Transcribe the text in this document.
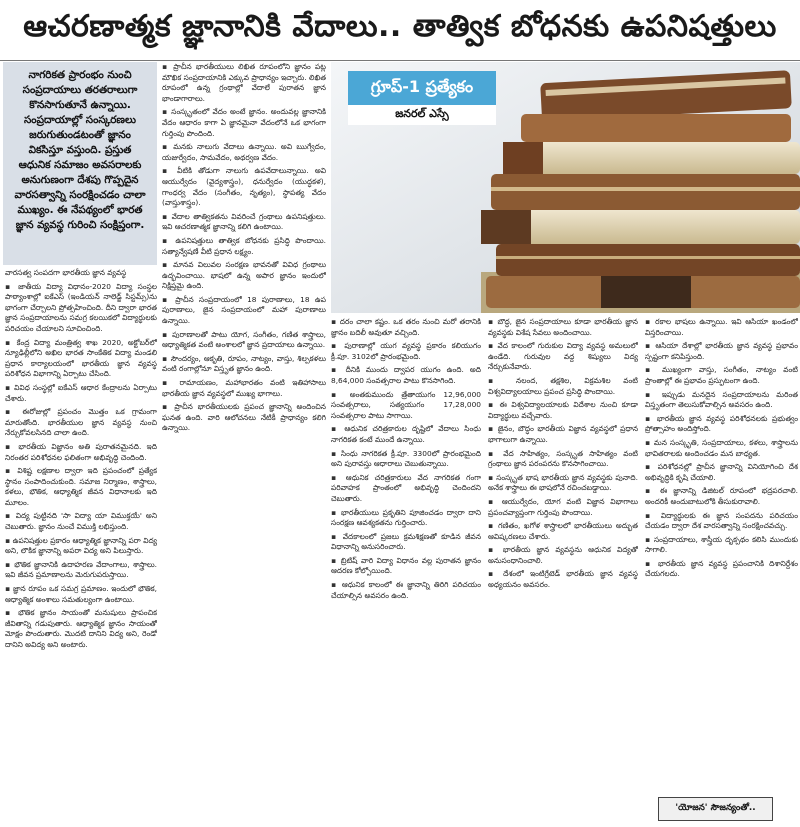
ఆచరణాత్మక జ్ఞానానికి వేదాలు.. తాత్విక బోధనకు ఉపనిషత్తులు
నాగరికత ప్రారంభం నుంచి సంప్రదాయాలు తరతరాలుగా కొనసాగుతూనే ఉన్నాయి. సంప్రదాయాల్లో సంస్కరణలు జరుగుతుండటంతో జ్ఞానం వికసిస్తూ వస్తుంది. ప్రస్తుత ఆధునిక సమాజం అవసరాలకు అనుగుణంగా దేశపు గొప్పదైన వారసత్వాన్ని సంరక్షించడం చాలా ముఖ్యం. ఈ నేపథ్యంలో భారత జ్ఞాన వ్యవస్థ గురించి సంక్షిప్తంగా.

వారసత్వ సంపదగా భారతీయ జ్ఞాన వ్యవస్థ

▪ జాతీయ విద్యా విధానం-2020 విద్యా సంస్థల పాఠ్యాంశాల్లో ఐకేఎస్ (ఇండియన్ నాలెడ్జ్ సిస్టమ్స్)ను భాగంగా చేర్చాలని ప్రోత్సహించింది. దీని ద్వారా భారత జ్ఞాన సంప్రదాయాలను సమగ్ర కలయికలో విద్యార్థులకు పరిచయం చేయాలని సూచించింది.

▪ కేంద్ర విద్యా మంత్రిత్వ శాఖ 2020, అక్టోబర్‌లో న్యూఢిల్లీలోని అఖిల భారత సాంకేతిక విద్యా మండలి ప్రధాన కార్యాలయంలో భారతీయ జ్ఞాన వ్యవస్థ పరిశోధన విభాగాన్ని ఏర్పాటు చేసింది.

▪ వివిధ సంస్థల్లో ఐకేఎస్ ఆధార కేంద్రాలను ఏర్పాటు చేశారు.

▪ ఈరోజుల్లో ప్రపంచం మొత్తం ఒక గ్రామంగా మారుతోంది. భారతీయుల జ్ఞాన వ్యవస్థ నుంచి నేర్చుకోవలసినది చాలా ఉంది.

▪ భారతీయ విజ్ఞానం అతి పురాతనమైనది. ఇది నిరంతర పరిశోధనల ఫలితంగా అభివృద్ధి చెందింది.

▪ విశిష్ట లక్షణాల ద్వారా ఇది ప్రపంచంలో ప్రత్యేక స్థానం సంపాదించుకుంది. సమాజ నిర్మాణం, శాస్త్రాలు, కళలు, భౌతిక, ఆధ్యాత్మిక జీవన విధానాలకు ఇది మూలం.

▪ విద్య పుట్టినది 'సా విద్యా యా విముక్తయే' అని చెబుతారు. జ్ఞానం నుంచే విముక్తి లభిస్తుంది.

▪ ఉపనిషత్తుల ప్రకారం ఆధ్యాత్మిక జ్ఞానాన్ని పరా విద్య అని, లౌకిక జ్ఞానాన్ని అపరా విద్య అని పిలుస్తారు.

▪ భౌతిక జ్ఞానానికి ఉదాహరణ వేదాంగాలు, శాస్త్రాలు. ఇవి జీవన ప్రమాణాలను మెరుగుపరుస్తాయి.

▪ జ్ఞాన రూపం ఒక సమగ్ర ప్రమాణం. ఇందులో భౌతిక, ఆధ్యాత్మిక అంశాలు సమతుల్యంగా ఉంటాయి.

▪ భౌతిక జ్ఞానం సాయంతో మనుషులు ప్రాపంచిక జీవితాన్ని గడుపుతారు. ఆధ్యాత్మిక జ్ఞానం సాయంతో మోక్షం పొందుతారు. మొదటి దానిని విద్య అని, రెండో దానిని అవిద్య అని అంటారు.

▪ ప్రాచీన భారతీయులు లిఖిత రూపంలోని జ్ఞానం పట్ల మౌఖిక సంప్రదాయానికి ఎక్కువ ప్రాధాన్యం ఇచ్చారు. లిఖిత రూపంలో ఉన్న గ్రంథాల్లో వేదాలే పురాతన జ్ఞాన భాండాగారాలు.

▪ సంస్కృతంలో వేదం అంటే జ్ఞానం. అందువల్ల జ్ఞానానికి వేదం ఆధారం కాగా ఏ జ్ఞానమైనా వేదంలోనే ఒక భాగంగా గుర్తింపు పొందింది.

▪ మనకు నాలుగు వేదాలు ఉన్నాయి. అవి ఋగ్వేదం, యజుర్వేదం, సామవేదం, అథర్వణ వేదం.

▪ వీటికి తోడుగా నాలుగు ఉపవేదాలున్నాయి. అవి ఆయుర్వేదం (వైద్యశాస్త్రం), ధనుర్వేదం (యుద్ధకళ), గాంధర్వ వేదం (సంగీతం, నృత్యం), స్థాపత్య వేదం (వాస్తుశాస్త్రం).

▪ వేదాల తాత్వికతను వివరించే గ్రంథాలు ఉపనిషత్తులు. ఇవి ఆచరణాత్మక జ్ఞానాన్ని కలిగి ఉంటాయి.

▪ ఉపనిషత్తులు తాత్విక బోధనకు ప్రసిద్ధి పొందాయి. సత్యాన్వేషణే వీటి ప్రధాన లక్ష్యం.

▪ మానవ విలువల సంరక్షణ భావనతో వివిధ గ్రంథాలు ఉద్భవించాయి. భాషలో ఉన్న అపార జ్ఞానం ఇందులో నిక్షిప్తమై ఉంది.

▪ ప్రాచీన సంప్రదాయంలో 18 పురాణాలు, 18 ఉప పురాణాలు, జైన సంప్రదాయంలో మహా పురాణాలు ఉన్నాయి.

▪ పురాణాలతో పాటు యోగ, సంగీతం, గణిత శాస్త్రాలు, ఆధ్యాత్మికత వంటి అంశాలలో జ్ఞాన ప్రదాయాలు ఉన్నాయి.

▪ సౌందర్యం, ఆకృతి, రూపం, నాట్యం, వాస్తు, శిల్పకళలు వంటి రంగాల్లోనూ విస్తృత జ్ఞానం ఉంది.

▪ రామాయణం, మహాభారతం వంటి ఇతిహాసాలు భారతీయ జ్ఞాన వ్యవస్థలో ముఖ్య భాగాలు.

▪ ప్రాచీన భారతీయులకు ప్రపంచ జ్ఞానాన్ని అందించిన ఘనత ఉంది. వారి ఆలోచనలు నేటికీ ప్రాధాన్యం కలిగి ఉన్నాయి.

▪ దరం చాలా కష్టం. ఒక తరం నుంచి మరో తరానికి జ్ఞానం బదిలీ అవుతూ వచ్చింది.

▪ పురాణాల్లో యుగ వ్యవస్థ ప్రకారం కలియుగం క్రీ.పూ. 3102లో ప్రారంభమైంది.

▪ దీనికి ముందు ద్వాపర యుగం ఉంది. అది 8,64,000 సంవత్సరాల పాటు కొనసాగింది.

▪ అంతకుముందు త్రేతాయుగం 12,96,000 సంవత్సరాలు, సత్యయుగం 17,28,000 సంవత్సరాల పాటు సాగాయి.

▪ ఆధునిక చరిత్రకారుల దృష్టిలో వేదాలు సింధు నాగరికత కంటే ముందే ఉన్నాయి.

▪ సింధు నాగరికత క్రీ.పూ. 3300లో ప్రారంభమైంది అని పురావస్తు ఆధారాలు చెబుతున్నాయి.

▪ ఆధునిక చరిత్రకారులు వేద నాగరికత గంగా పరివాహక ప్రాంతంలో అభివృద్ధి చెందిందని చెబుతారు.

▪ భారతీయులు ప్రకృతిని పూజించడం ద్వారా దాని సంరక్షణ ఆవశ్యకతను గుర్తించారు.

▪ వేదకాలంలో ప్రజలు క్రమశిక్షణతో కూడిన జీవన విధానాన్ని అనుసరించారు.

▪ బ్రిటిష్ వారి విద్యా విధానం వల్ల పురాతన జ్ఞానం ఆదరణ కోల్పోయింది.

▪ ఆధునిక కాలంలో ఈ జ్ఞానాన్ని తిరిగి పరిచయం చేయాల్సిన అవసరం ఉంది.

▪ బౌద్ధ, జైన సంప్రదాయాలు కూడా భారతీయ జ్ఞాన వ్యవస్థకు విశేష సేవలు అందించాయి.

▪ వేద కాలంలో గురుకుల విద్యా వ్యవస్థ అమలులో ఉండేది. గురువుల వద్ద శిష్యులు విద్య నేర్చుకునేవారు.

▪ నలంద, తక్షశిల, విక్రమశిల వంటి విశ్వవిద్యాలయాలు ప్రపంచ ప్రసిద్ధి పొందాయి.

▪ ఈ విశ్వవిద్యాలయాలకు విదేశాల నుంచి కూడా విద్యార్థులు వచ్చేవారు.

▪ జైనం, బౌద్ధం భారతీయ విజ్ఞాన వ్యవస్థలో ప్రధాన భాగాలుగా ఉన్నాయి.

▪ వేద సాహిత్యం, సంస్కృత సాహిత్యం వంటి గ్రంథాలు జ్ఞాన పరంపరను కొనసాగించాయి.

▪ సంస్కృత భాష భారతీయ జ్ఞాన వ్యవస్థకు పునాది. అనేక శాస్త్రాలు ఈ భాషలోనే రచించబడ్డాయి.

▪ ఆయుర్వేదం, యోగ వంటి విజ్ఞాన విభాగాలు ప్రపంచవ్యాప్తంగా గుర్తింపు పొందాయి.

▪ గణితం, ఖగోళ శాస్త్రాలలో భారతీయులు అద్భుత ఆవిష్కరణలు చేశారు.

▪ భారతీయ జ్ఞాన వ్యవస్థను ఆధునిక విద్యతో అనుసంధానించాలి.

▪ దేశంలో ఇంటిగ్రేటెడ్ భారతీయ జ్ఞాన వ్యవస్థ అధ్యయనం అవసరం.

▪ రకాల భాషలు ఉన్నాయి. ఇవి ఆసియా ఖండంలో విస్తరించాయి.

▪ ఆసియా దేశాల్లో భారతీయ జ్ఞాన వ్యవస్థ ప్రభావం స్పష్టంగా కనిపిస్తుంది.

▪ ముఖ్యంగా వాస్తు, సంగీతం, నాట్యం వంటి ప్రాంతాల్లో ఈ ప్రభావం ప్రస్ఫుటంగా ఉంది.

▪ ఇప్పుడు మనదైన సంప్రదాయాలను మరింత విస్తృతంగా తెలుసుకోవాల్సిన అవసరం ఉంది.

▪ భారతీయ జ్ఞాన వ్యవస్థ పరిశోధనలకు ప్రభుత్వం ప్రోత్సాహం అందిస్తోంది.

▪ మన సంస్కృతి, సంప్రదాయాలు, కళలు, శాస్త్రాలను భావితరాలకు అందించడం మన బాధ్యత.

▪ పరిశోధనల్లో ప్రాచీన జ్ఞానాన్ని వినియోగించి దేశ అభివృద్ధికి కృషి చేయాలి.

▪ ఈ జ్ఞానాన్ని డిజిటల్ రూపంలో భద్రపరచాలి. అందరికీ అందుబాటులోకి తీసుకురావాలి.

▪ విద్యార్థులకు ఈ జ్ఞాన సంపదను పరిచయం చేయడం ద్వారా దేశ వారసత్వాన్ని సంరక్షించవచ్చు.

▪ సంప్రదాయాలు, శాస్త్రీయ దృక్పథం కలిసి ముందుకు సాగాలి.

▪ భారతీయ జ్ఞాన వ్యవస్థ ప్రపంచానికి దిశానిర్దేశం చేయగలదు.

గ్రూప్‌-1 ప్రత్యేకం
జనరల్‌ ఎస్సే
'యోజన' సౌజన్యంతో..
